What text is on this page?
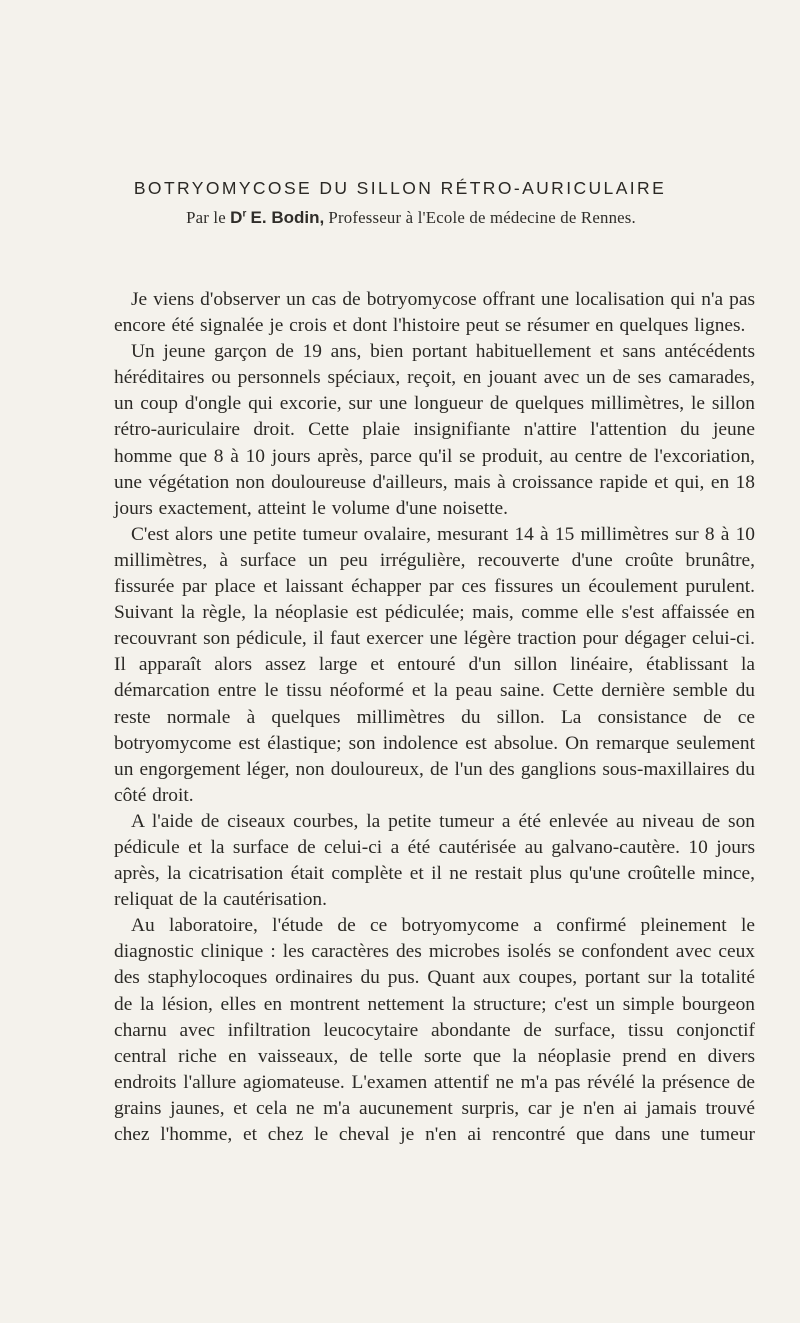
BOTRYOMYCOSE DU SILLON RÉTRO-AURICULAIRE
Par le $D^r$ E. Bodin, Professeur à l'Ecole de médecine de Rennes.

Je viens d'observer un cas de botryomycose offrant une localisation qui n'a pas encore été signalée je crois et dont l'histoire peut se résumer en quelques lignes.

Un jeune garçon de 19 ans, bien portant habituellement et sans antécédents héréditaires ou personnels spéciaux, reçoit, en jouant avec un de ses camarades, un coup d'ongle qui excorie, sur une longueur de quelques millimètres, le sillon rétro-auriculaire droit. Cette plaie insignifiante n'attire l'attention du jeune homme que 8 à 10 jours après, parce qu'il se produit, au centre de l'excoriation, une végétation non douloureuse d'ailleurs, mais à croissance rapide et qui, en 18 jours exactement, atteint le volume d'une noisette.

C'est alors une petite tumeur ovalaire, mesurant 14 à 15 millimètres sur 8 à 10 millimètres, à surface un peu irrégulière, recouverte d'une croûte brunâtre, fissurée par place et laissant échapper par ces fissures un écoulement purulent. Suivant la règle, la néoplasie est pédiculée; mais, comme elle s'est affaissée en recouvrant son pédicule, il faut exercer une légère traction pour dégager celui-ci. Il apparaît alors assez large et entouré d'un sillon linéaire, établissant la démarcation entre le tissu néoformé et la peau saine. Cette dernière semble du reste normale à quelques millimètres du sillon. La consistance de ce botryomycome est élastique; son indolence est absolue. On remarque seulement un engorgement léger, non douloureux, de l'un des ganglions sous-maxillaires du côté droit.

A l'aide de ciseaux courbes, la petite tumeur a été enlevée au niveau de son pédicule et la surface de celui-ci a été cautérisée au galvano-cautère. 10 jours après, la cicatrisation était complète et il ne restait plus qu'une croûtelle mince, reliquat de la cautérisation.

Au laboratoire, l'étude de ce botryomycome a confirmé pleinement le diagnostic clinique : les caractères des microbes isolés se confondent avec ceux des staphylocoques ordinaires du pus. Quant aux coupes, portant sur la totalité de la lésion, elles en montrent nettement la structure; c'est un simple bourgeon charnu avec infiltration leucocytaire abondante de surface, tissu conjonctif central riche en vaisseaux, de telle sorte que la néoplasie prend en divers endroits l'allure agiomateuse. L'examen attentif ne m'a pas révélé la présence de grains jaunes, et cela ne m'a aucunement surpris, car je n'en ai jamais trouvé chez l'homme, et chez le cheval je n'en ai rencontré que dans une tumeur
